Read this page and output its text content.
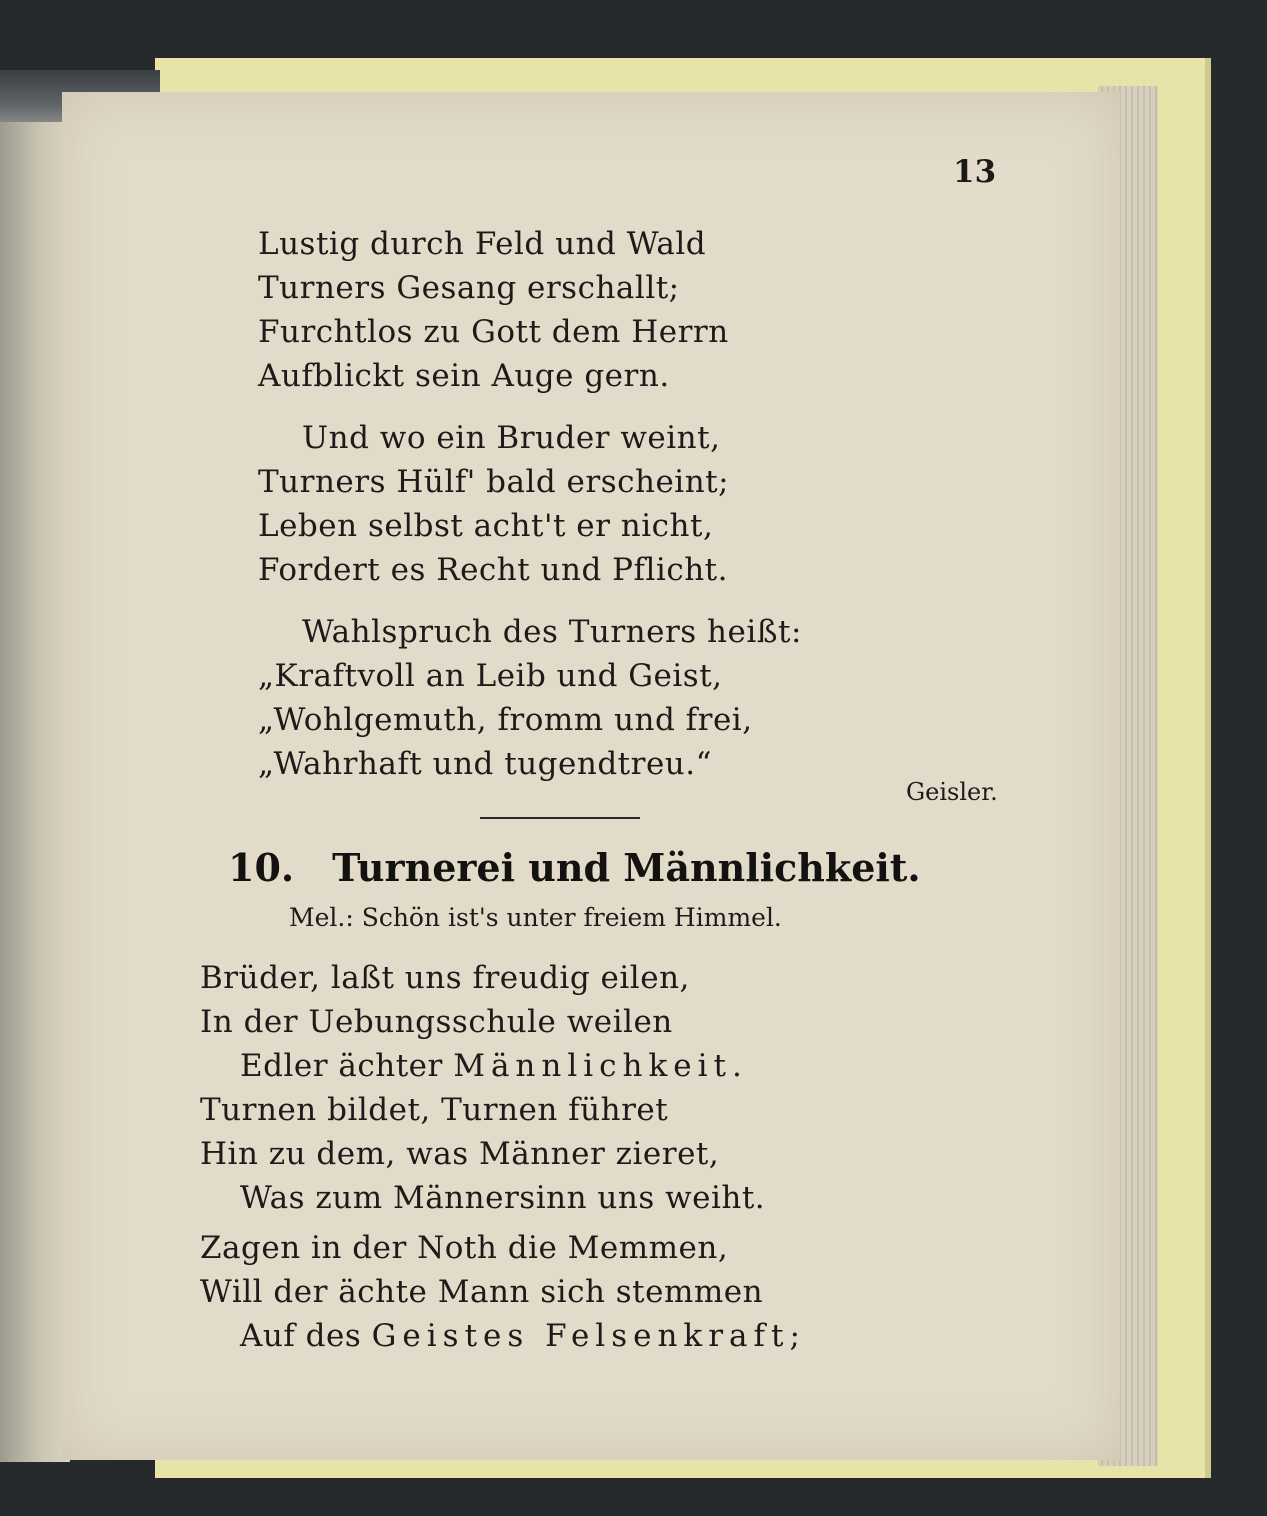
13
Lustig durch Feld und Wald
Turners Gesang erschallt;
Furchtlos zu Gott dem Herrn
Aufblickt sein Auge gern.
Und wo ein Bruder weint,
Turners Hülf' bald erscheint;
Leben selbst acht't er nicht,
Fordert es Recht und Pflicht.
Wahlspruch des Turners heißt:
„Kraftvoll an Leib und Geist,
„Wohlgemuth, fromm und frei,
„Wahrhaft und tugendtreu.“
Geisler.
10. Turnerei und Männlichkeit.
Mel.: Schön ist's unter freiem Himmel.
Brüder, laßt uns freudig eilen,
In der Uebungsschule weilen
Edler ächter Männlichkeit.
Turnen bildet, Turnen führet
Hin zu dem, was Männer zieret,
Was zum Männersinn uns weiht.
Zagen in der Noth die Memmen,
Will der ächte Mann sich stemmen
Auf des Geistes Felsenkraft;
